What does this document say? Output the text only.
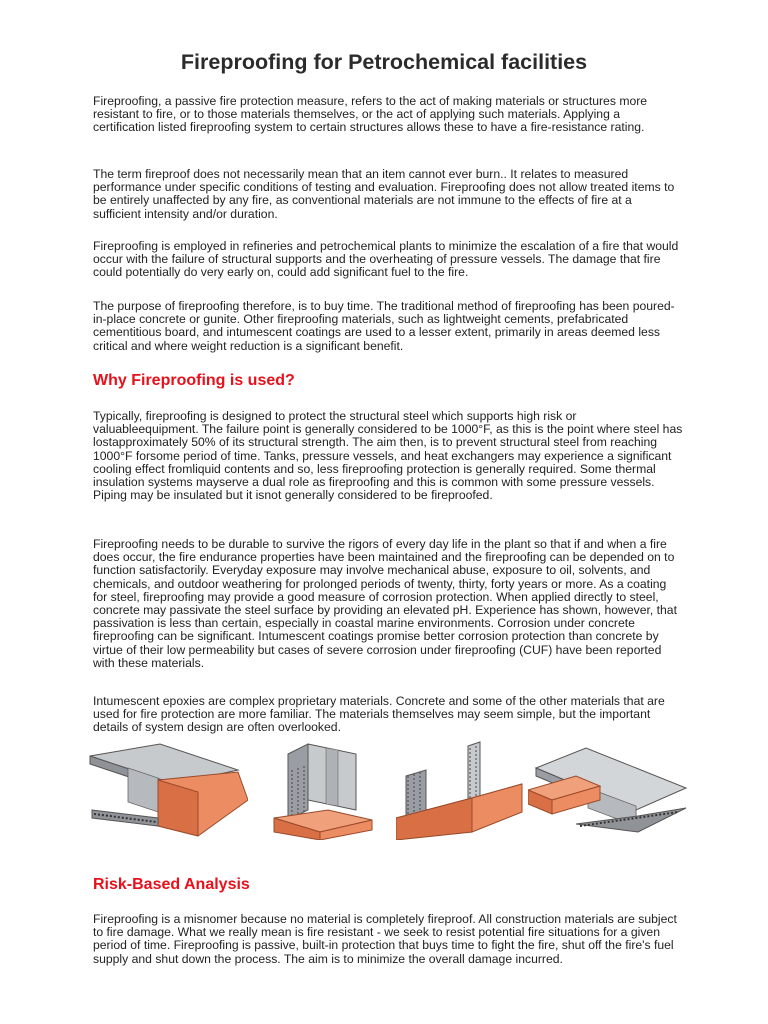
Fireproofing for Petrochemical facilities

Fireproofing, a passive fire protection measure, refers to the act of making materials or structures more resistant to fire, or to those materials themselves, or the act of applying such materials. Applying a certification listed fireproofing system to certain structures allows these to have a fire-resistance rating.

The term fireproof does not necessarily mean that an item cannot ever burn.. It relates to measured performance under specific conditions of testing and evaluation. Fireproofing does not allow treated items to be entirely unaffected by any fire, as conventional materials are not immune to the effects of fire at a sufficient intensity and/or duration.

Fireproofing is employed in refineries and petrochemical plants to minimize the escalation of a fire that would occur with the failure of structural supports and the overheating of pressure vessels. The damage that fire could potentially do very early on, could add significant fuel to the fire.

The purpose of fireproofing therefore, is to buy time. The traditional method of fireproofing has been poured-in-place concrete or gunite. Other fireproofing materials, such as lightweight cements, prefabricated cementitious board, and intumescent coatings are used to a lesser extent, primarily in areas deemed less critical and where weight reduction is a significant benefit.

Why Fireproofing is used?

Typically, fireproofing is designed to protect the structural steel which supports high risk or valuableequipment. The failure point is generally considered to be 1000°F, as this is the point where steel has lostapproximately 50% of its structural strength. The aim then, is to prevent structural steel from reaching 1000°F forsome period of time. Tanks, pressure vessels, and heat exchangers may experience a significant cooling effect fromliquid contents and so, less fireproofing protection is generally required. Some thermal insulation systems mayserve a dual role as fireproofing and this is common with some pressure vessels. Piping may be insulated but it isnot generally considered to be fireproofed.

Fireproofing needs to be durable to survive the rigors of every day life in the plant so that if and when a fire does occur, the fire endurance properties have been maintained and the fireproofing can be depended on to function satisfactorily. Everyday exposure may involve mechanical abuse, exposure to oil, solvents, and chemicals, and outdoor weathering for prolonged periods of twenty, thirty, forty years or more. As a coating for steel, fireproofing may provide a good measure of corrosion protection. When applied directly to steel, concrete may passivate the steel surface by providing an elevated pH. Experience has shown, however, that passivation is less than certain, especially in coastal marine environments. Corrosion under concrete fireproofing can be significant. Intumescent coatings promise better corrosion protection than concrete by virtue of their low permeability but cases of severe corrosion under fireproofing (CUF) have been reported with these materials.

Intumescent epoxies are complex proprietary materials. Concrete and some of the other materials that are used for fire protection are more familiar. The materials themselves may seem simple, but the important details of system design are often overlooked.

Risk-Based Analysis

Fireproofing is a misnomer because no material is completely fireproof. All construction materials are subject to fire damage. What we really mean is fire resistant - we seek to resist potential fire situations for a given period of time. Fireproofing is passive, built-in protection that buys time to fight the fire, shut off the fire's fuel supply and shut down the process. The aim is to minimize the overall damage incurred.
